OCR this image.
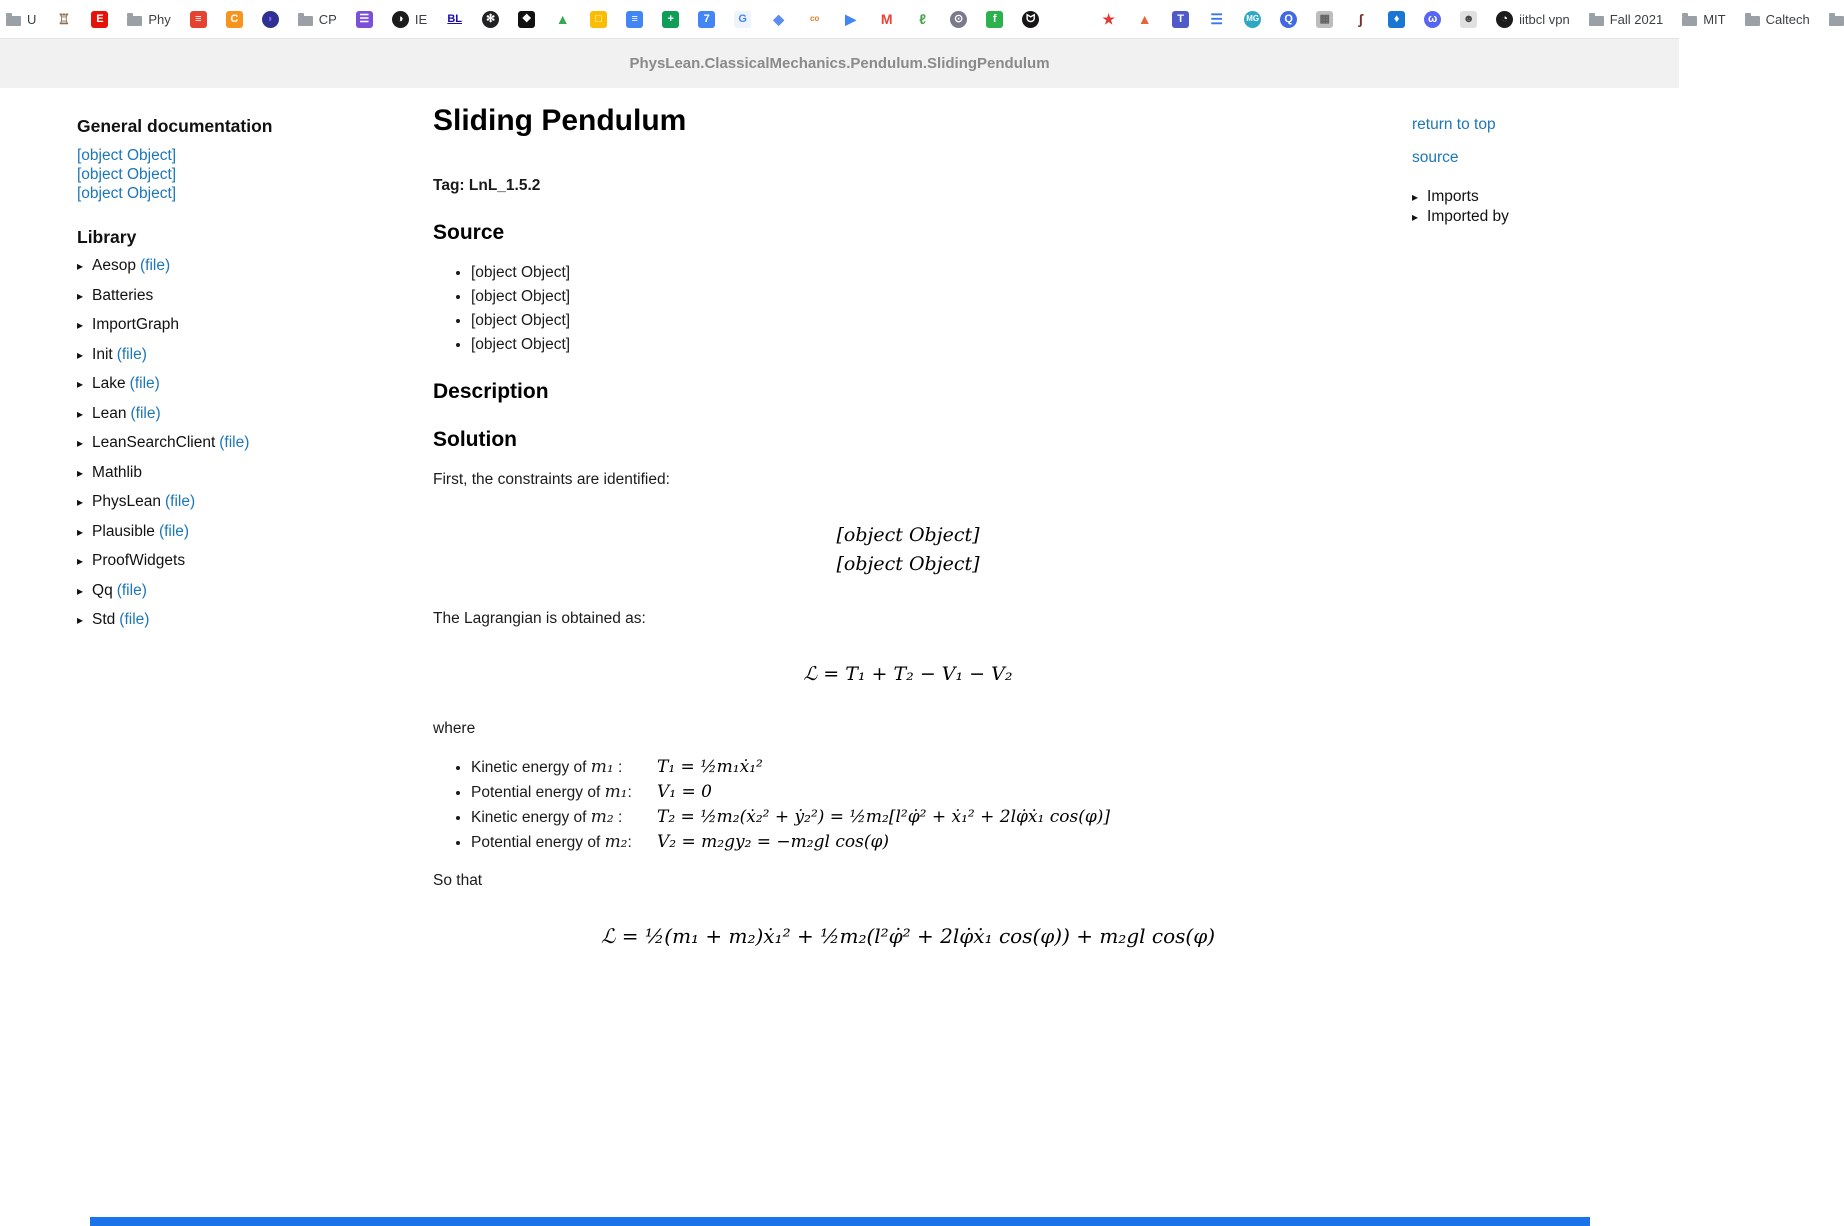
U ♖	E	Phy	≡	C	◗	CP	☰	◑ IE BL	✻	❖ ▲	□	≡	+	7	G	◆	co ▶ M	ℓ	⊙	f	ᗢ	★ ▲	T	☰	MG	Q	▦	ʃ	♦	ω	☻	◔ iitbcl vpn	Fall 2021	MIT	Caltech
PhysLean.ClassicalMechanics.Pendulum.SlidingPendulum
General documentation
[object Object]
[object Object]
[object Object]
Library
▸Aesop (file)
▸Batteries
▸ImportGraph
▸Init (file)
▸Lake (file)
▸Lean (file)
▸LeanSearchClient (file)
▸Mathlib
▸PhysLean (file)
▸Plausible (file)
▸ProofWidgets
▸Qq (file)
▸Std (file)
Sliding Pendulum

Tag: LnL_1.5.2

Source
• [object Object]
• [object Object]
• [object Object]
• [object Object]
Description

Solution

First, the constraints are identified:

[object Object]
[object Object]

The Lagrangian is obtained as:

ℒ = T₁ + T₂ − V₁ − V₂

where

• Kinetic energy of m₁ : T₁ = ½m₁ẋ₁²
• Potential energy of m₁: V₁ = 0
• Kinetic energy of m₂ : T₂ = ½m₂(ẋ₂² + ẏ₂²) = ½m₂[l²φ̇² + ẋ₁² + 2lφ̇ẋ₁ cos(φ)]
• Potential energy of m₂: V₂ = m₂gy₂ = −m₂gl cos(φ)

So that

ℒ = ½(m₁ + m₂)ẋ₁² + ½m₂(l²φ̇² + 2lφ̇ẋ₁ cos(φ)) + m₂gl cos(φ)
return to top
source
▸Imports
▸Imported by
